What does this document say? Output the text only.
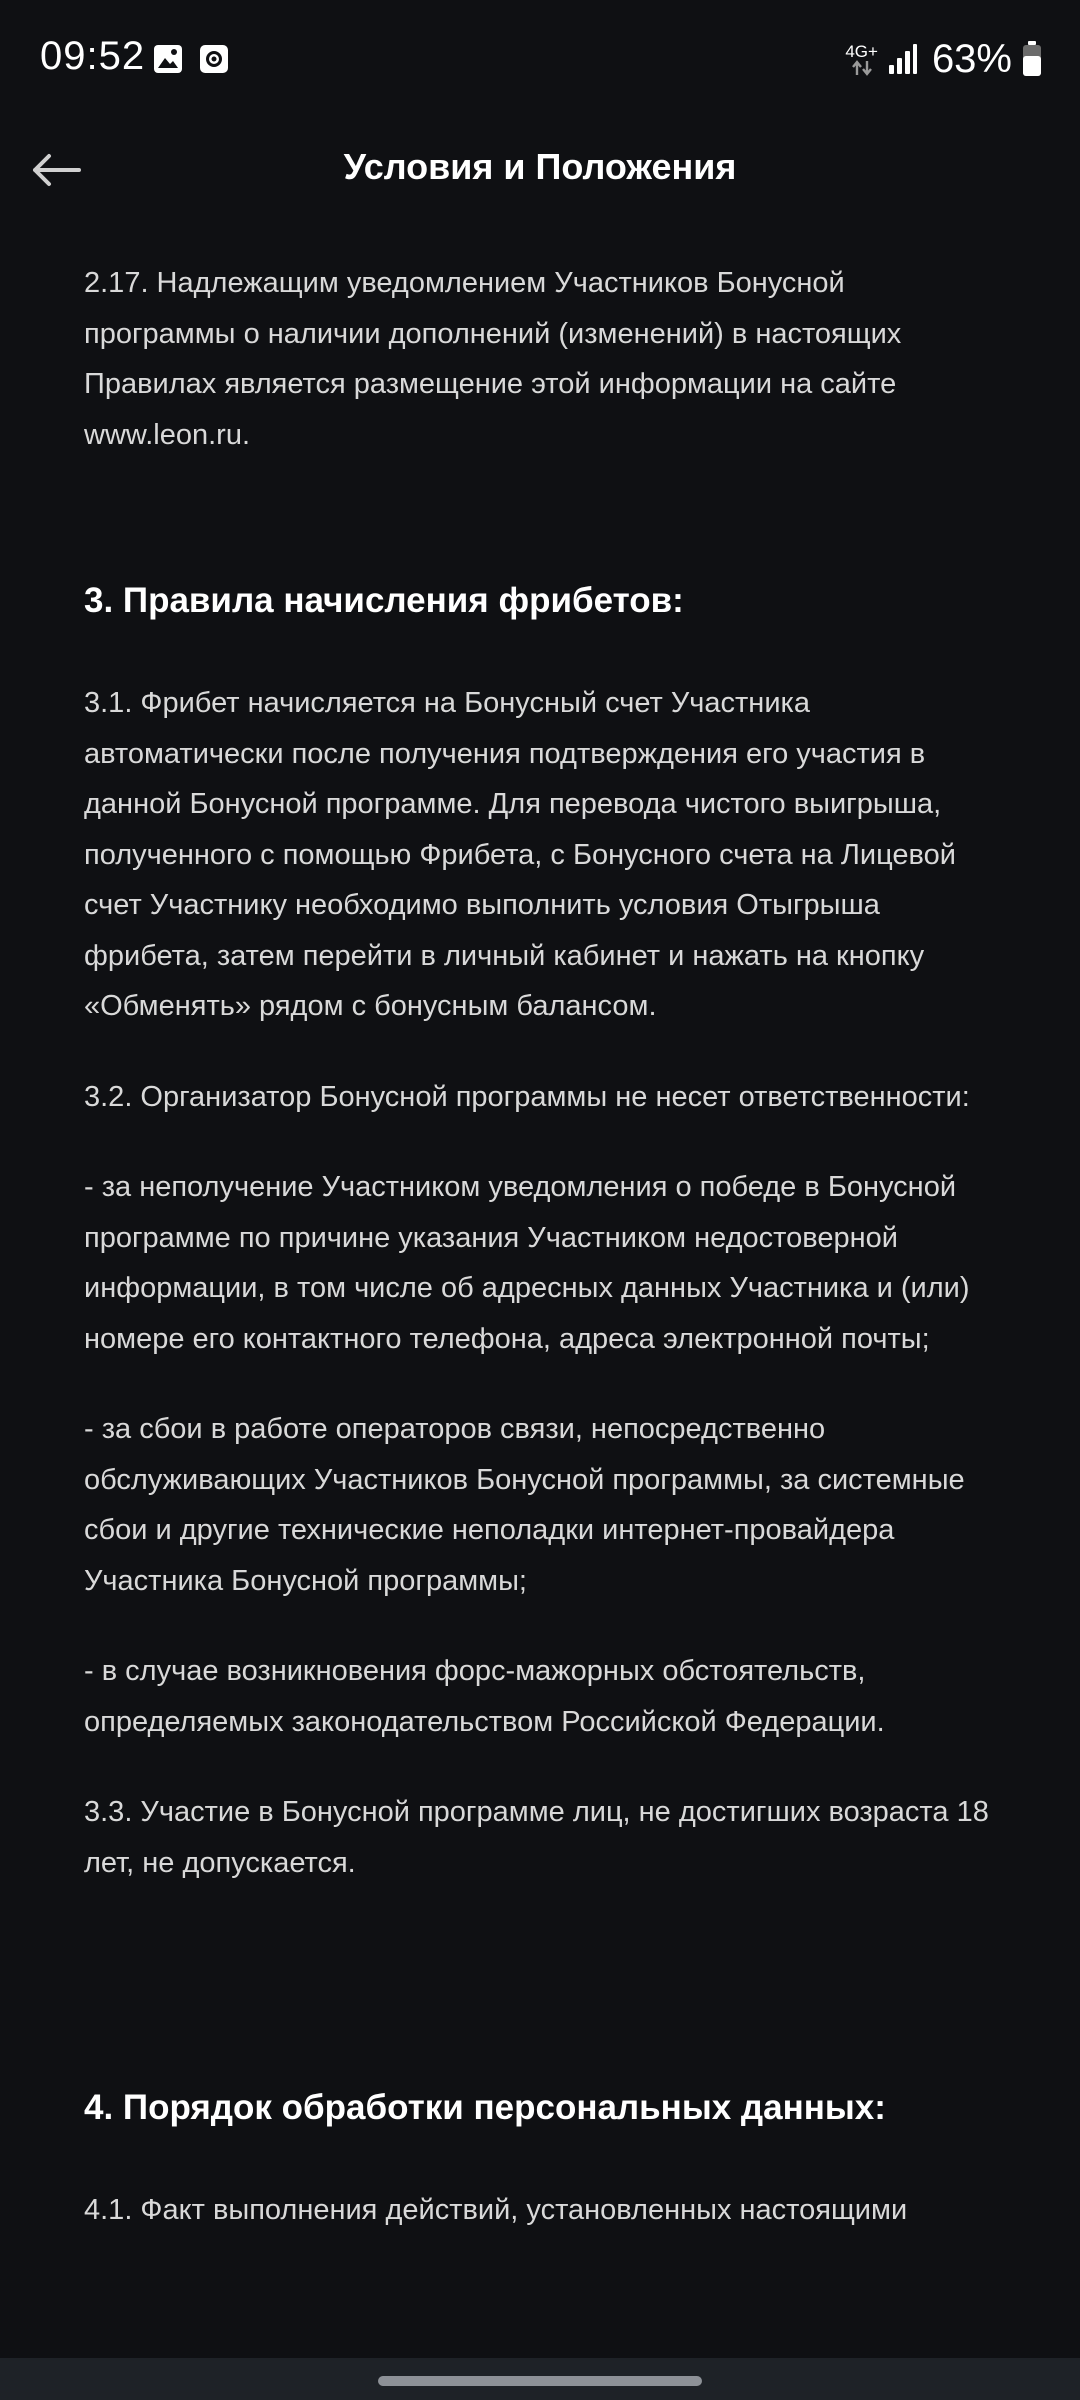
09:52	4G+ 63%
Условия и Положения

2.17. Надлежащим уведомлением Участников Бонусной программы о наличии дополнений (изменений) в настоящих Правилах является размещение этой информации на сайте www.leon.ru.

3. Правила начисления фрибетов:

3.1. Фрибет начисляется на Бонусный счет Участника автоматически после получения подтверждения его участия в данной Бонусной программе. Для перевода чистого выигрыша, полученного с помощью Фрибета, с Бонусного счета на Лицевой счет Участнику необходимо выполнить условия Отыгрыша фрибета, затем перейти в личный кабинет и нажать на кнопку «Обменять» рядом с бонусным балансом.

3.2. Организатор Бонусной программы не несет ответственности:

- за неполучение Участником уведомления о победе в Бонусной программе по причине указания Участником недостоверной информации, в том числе об адресных данных Участника и (или) номере его контактного телефона, адреса электронной почты;

- за сбои в работе операторов связи, непосредственно обслуживающих Участников Бонусной программы, за системные сбои и другие технические неполадки интернет-провайдера Участника Бонусной программы;

- в случае возникновения форс-мажорных обстоятельств, определяемых законодательством Российской Федерации.

3.3. Участие в Бонусной программе лиц, не достигших возраста 18 лет, не допускается.

4. Порядок обработки персональных данных:

4.1. Факт выполнения действий, установленных настоящими
